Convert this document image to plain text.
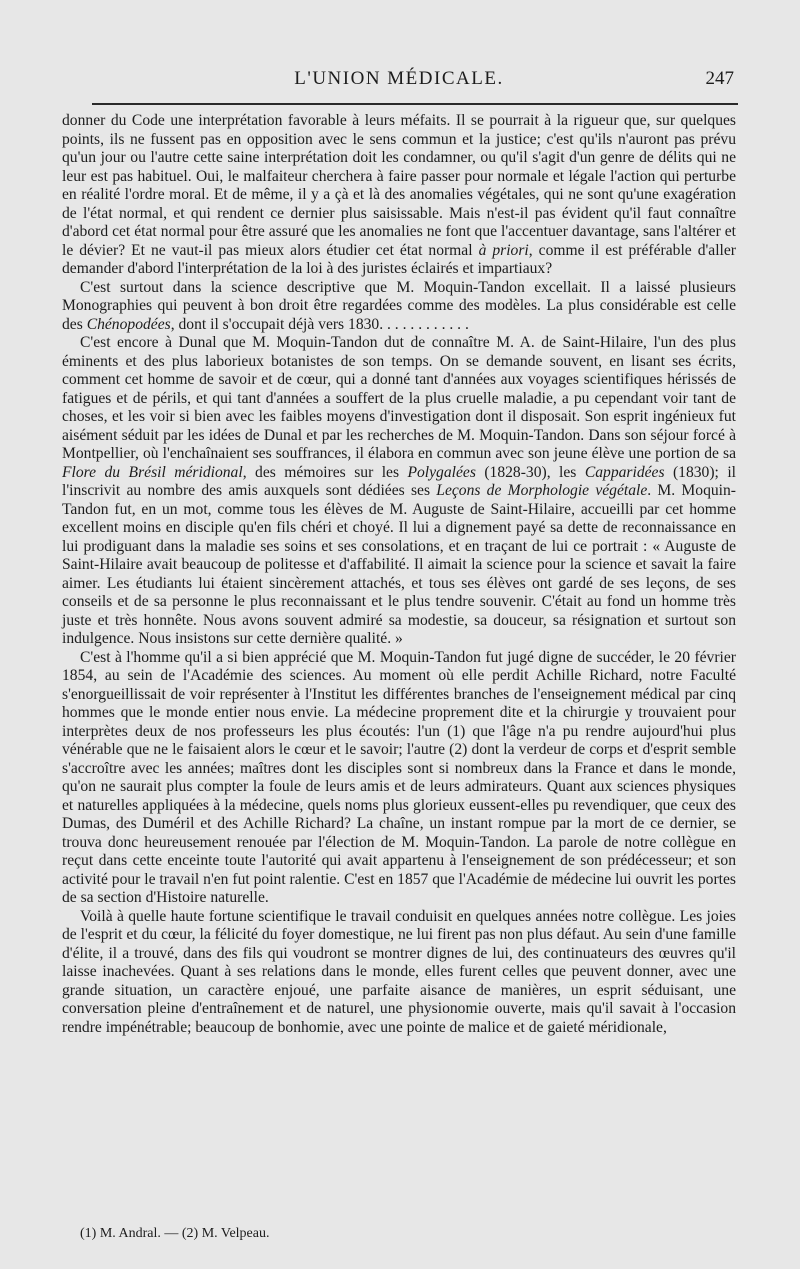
L'UNION MÉDICALE.	247

donner du Code une interprétation favorable à leurs méfaits. Il se pourrait à la rigueur que, sur quelques points, ils ne fussent pas en opposition avec le sens commun et la justice; c'est qu'ils n'auront pas prévu qu'un jour ou l'autre cette saine interprétation doit les condamner, ou qu'il s'agit d'un genre de délits qui ne leur est pas habituel. Oui, le malfaiteur cherchera à faire passer pour normale et légale l'action qui perturbe en réalité l'ordre moral. Et de même, il y a çà et là des anomalies végétales, qui ne sont qu'une exagération de l'état normal, et qui rendent ce dernier plus saisissable. Mais n'est-il pas évident qu'il faut connaître d'abord cet état normal pour être assuré que les anomalies ne font que l'accentuer davantage, sans l'altérer et le dévier? Et ne vaut-il pas mieux alors étudier cet état normal à priori, comme il est préférable d'aller demander d'abord l'interprétation de la loi à des juristes éclairés et impartiaux?

C'est surtout dans la science descriptive que M. Moquin-Tandon excellait. Il a laissé plusieurs Monographies qui peuvent à bon droit être regardées comme des modèles. La plus considérable est celle des Chénopodées, dont il s'occupait déjà vers 1830. . . . . . . . . . . .

C'est encore à Dunal que M. Moquin-Tandon dut de connaître M. A. de Saint-Hilaire, l'un des plus éminents et des plus laborieux botanistes de son temps. On se demande souvent, en lisant ses écrits, comment cet homme de savoir et de cœur, qui a donné tant d'années aux voyages scientifiques hérissés de fatigues et de périls, et qui tant d'années a souffert de la plus cruelle maladie, a pu cependant voir tant de choses, et les voir si bien avec les faibles moyens d'investigation dont il disposait. Son esprit ingénieux fut aisément séduit par les idées de Dunal et par les recherches de M. Moquin-Tandon. Dans son séjour forcé à Montpellier, où l'enchaînaient ses souffrances, il élabora en commun avec son jeune élève une portion de sa Flore du Brésil méridional, des mémoires sur les Polygalées (1828-30), les Capparidées (1830); il l'inscrivit au nombre des amis auxquels sont dédiées ses Leçons de Morphologie végétale. M. Moquin-Tandon fut, en un mot, comme tous les élèves de M. Auguste de Saint-Hilaire, accueilli par cet homme excellent moins en disciple qu'en fils chéri et choyé. Il lui a dignement payé sa dette de reconnaissance en lui prodiguant dans la maladie ses soins et ses consolations, et en traçant de lui ce portrait : « Auguste de Saint-Hilaire avait beaucoup de politesse et d'affabilité. Il aimait la science pour la science et savait la faire aimer. Les étudiants lui étaient sincèrement attachés, et tous ses élèves ont gardé de ses leçons, de ses conseils et de sa personne le plus reconnaissant et le plus tendre souvenir. C'était au fond un homme très juste et très honnête. Nous avons souvent admiré sa modestie, sa douceur, sa résignation et surtout son indulgence. Nous insistons sur cette dernière qualité. »

C'est à l'homme qu'il a si bien apprécié que M. Moquin-Tandon fut jugé digne de succéder, le 20 février 1854, au sein de l'Académie des sciences. Au moment où elle perdit Achille Richard, notre Faculté s'enorgueillissait de voir représenter à l'Institut les différentes branches de l'enseignement médical par cinq hommes que le monde entier nous envie. La médecine proprement dite et la chirurgie y trouvaient pour interprètes deux de nos professeurs les plus écoutés: l'un (1) que l'âge n'a pu rendre aujourd'hui plus vénérable que ne le faisaient alors le cœur et le savoir; l'autre (2) dont la verdeur de corps et d'esprit semble s'accroître avec les années; maîtres dont les disciples sont si nombreux dans la France et dans le monde, qu'on ne saurait plus compter la foule de leurs amis et de leurs admirateurs. Quant aux sciences physiques et naturelles appliquées à la médecine, quels noms plus glorieux eussent-elles pu revendiquer, que ceux des Dumas, des Duméril et des Achille Richard? La chaîne, un instant rompue par la mort de ce dernier, se trouva donc heureusement renouée par l'élection de M. Moquin-Tandon. La parole de notre collègue en reçut dans cette enceinte toute l'autorité qui avait appartenu à l'enseignement de son prédécesseur; et son activité pour le travail n'en fut point ralentie. C'est en 1857 que l'Académie de médecine lui ouvrit les portes de sa section d'Histoire naturelle.

Voilà à quelle haute fortune scientifique le travail conduisit en quelques années notre collègue. Les joies de l'esprit et du cœur, la félicité du foyer domestique, ne lui firent pas non plus défaut. Au sein d'une famille d'élite, il a trouvé, dans des fils qui voudront se montrer dignes de lui, des continuateurs des œuvres qu'il laisse inachevées. Quant à ses relations dans le monde, elles furent celles que peuvent donner, avec une grande situation, un caractère enjoué, une parfaite aisance de manières, un esprit séduisant, une conversation pleine d'entraînement et de naturel, une physionomie ouverte, mais qu'il savait à l'occasion rendre impénétrable; beaucoup de bonhomie, avec une pointe de malice et de gaieté méridionale,

(1) M. Andral. — (2) M. Velpeau.
